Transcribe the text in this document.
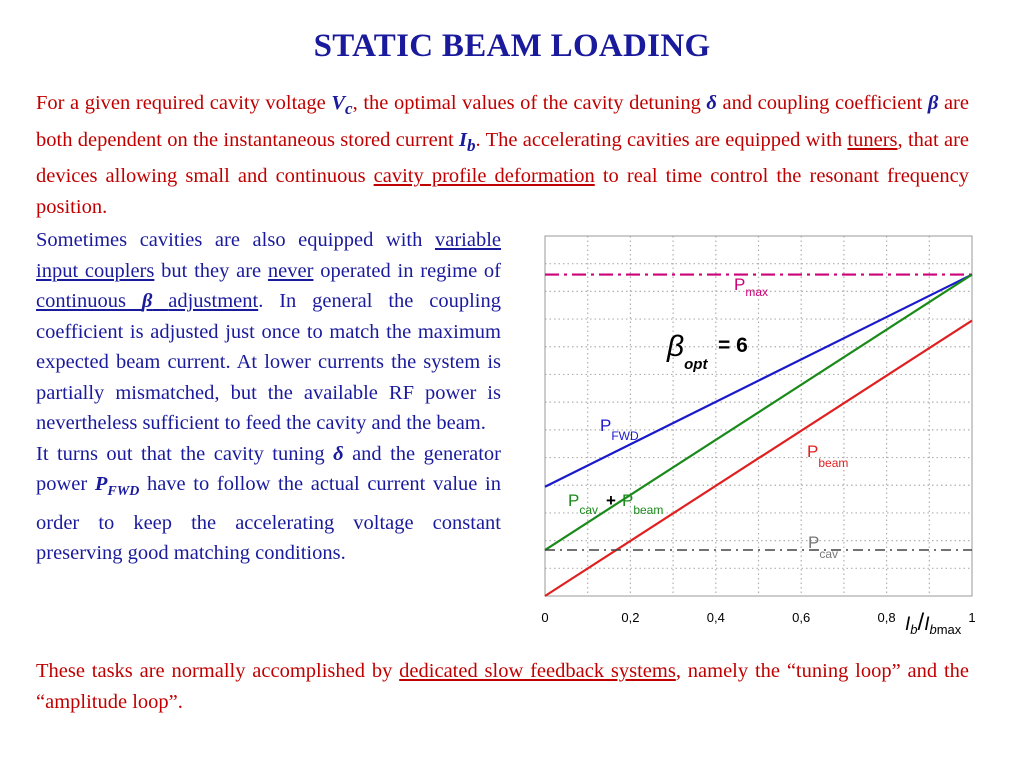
STATIC BEAM LOADING
For a given required cavity voltage $V_c$, the optimal values of the cavity detuning δ and coupling coefficient β are both dependent on the instantaneous stored current $I_b$. The accelerating cavities are equipped with tuners, that are devices allowing small and continuous cavity profile deformation to real time control the resonant frequency position.
Sometimes cavities are also equipped with variable input couplers but they are never operated in regime of continuous β adjustment. In general the coupling coefficient is adjusted just once to match the maximum expected beam current. At lower currents the system is partially mismatched, but the available RF power is nevertheless sufficient to feed the cavity and the beam.
It turns out that the cavity tuning δ and the generator power $P_{FWD}$ have to follow the actual current value in order to keep the accelerating voltage constant preserving good matching conditions.
These tasks are normally accomplished by dedicated slow feedback systems, namely the “tuning loop” and the “amplitude loop”.
0	0,2	0,4	0,6	0,8	1
$P_{max}$
$P_{FWD}$
$P_{cav} + P_{beam}$
$P_{beam}$
$P_{cav}$
$\beta_{opt}$
= 6
$I_b/I_b\max$
